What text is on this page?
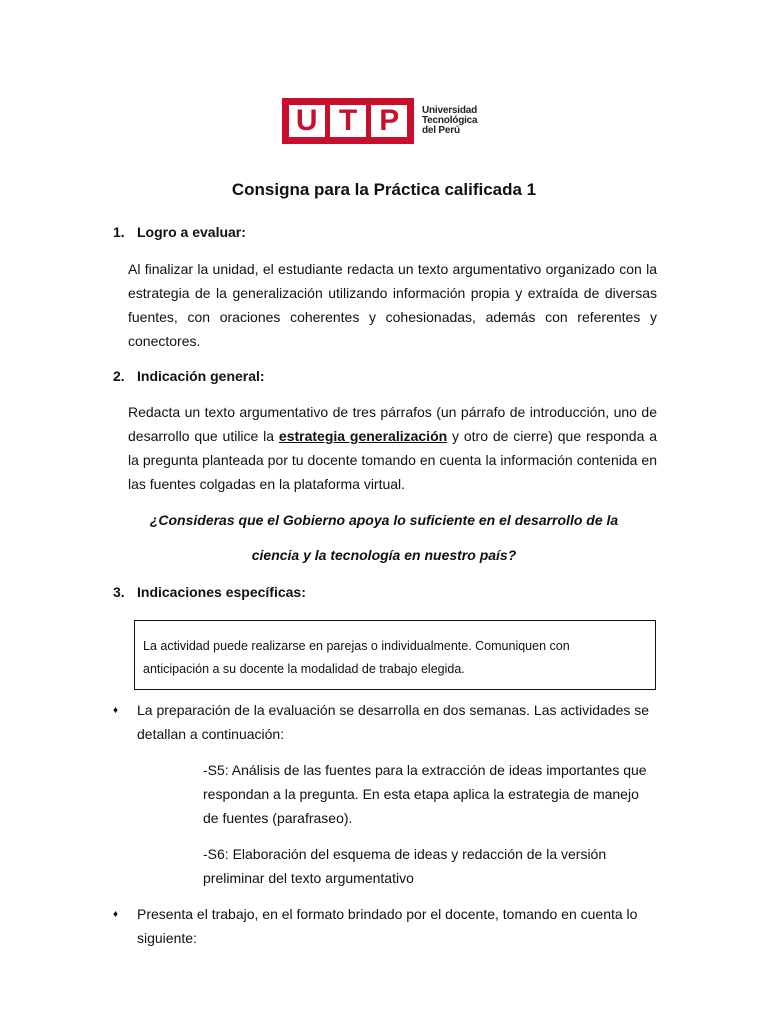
U T P	Universidad
Tecnológica
del Perú
Consigna para la Práctica calificada 1
1. Logro a evaluar:
Al finalizar la unidad, el estudiante redacta un texto argumentativo organizado con la estrategia de la generalización utilizando información propia y extraída de diversas fuentes, con oraciones coherentes y cohesionadas, además con referentes y conectores.
2. Indicación general:
Redacta un texto argumentativo de tres párrafos (un párrafo de introducción, uno de desarrollo que utilice la estrategia generalización y otro de cierre) que responda a la pregunta planteada por tu docente tomando en cuenta la información contenida en las fuentes colgadas en la plataforma virtual.
¿Consideras que el Gobierno apoya lo suficiente en el desarrollo de la
ciencia y la tecnología en nuestro país?
3. Indicaciones específicas:
La actividad puede realizarse en parejas o individualmente. Comuniquen con
anticipación a su docente la modalidad de trabajo elegida.
♦ La preparación de la evaluación se desarrolla en dos semanas. Las actividades se detallan a continuación:
-S5: Análisis de las fuentes para la extracción de ideas importantes que respondan a la pregunta. En esta etapa aplica la estrategia de manejo de fuentes (parafraseo).
-S6: Elaboración del esquema de ideas y redacción de la versión preliminar del texto argumentativo
♦ Presenta el trabajo, en el formato brindado por el docente, tomando en cuenta lo siguiente:
